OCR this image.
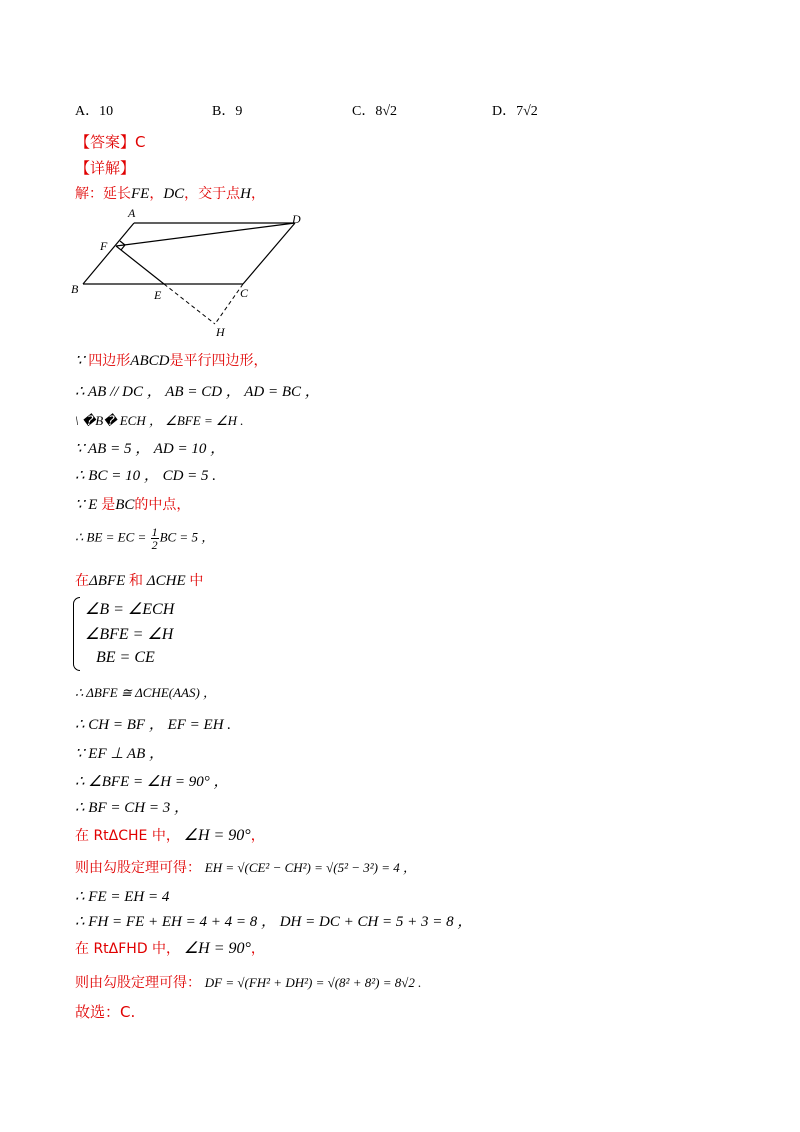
A．10	B．9	C．8√2	D．7√2
【答案】C
【详解】
解：延长FE，DC，交于点H，
A	D
F
B	E	C
H
∵ 四边形ABCD是平行四边形，
∴ AB // DC ， AB = CD ， AD = BC ，
\ �B� ECH ， ∠BFE = ∠H .
∵ AB = 5 ， AD = 10 ，
∴ BC = 10 ， CD = 5 .
∵ E 是BC的中点，
∴ BE = EC = $\frac{1}{2}$ BC = 5 ，
在ΔBFE 和 ΔCHE 中
∠B = ∠ECH
∠BFE = ∠H
BE = CE
∴ ΔBFE ≅ ΔCHE(AAS) ，
∴ CH = BF ， EF = EH .
∵ EF ⊥ AB ，
∴ ∠BFE = ∠H = 90° ，
∴ BF = CH = 3 ，
在 RtΔCHE 中， ∠H = 90°，
则由勾股定理可得： EH = √(CE² − CH²) = √(5² − 3²) = 4 ，
∴ FE = EH = 4
∴ FH = FE + EH = 4 + 4 = 8 ， DH = DC + CH = 5 + 3 = 8 ，
在 RtΔFHD 中， ∠H = 90°，
则由勾股定理可得： DF = √(FH² + DH²) = √(8² + 8²) = 8√2 .
故选：C.
